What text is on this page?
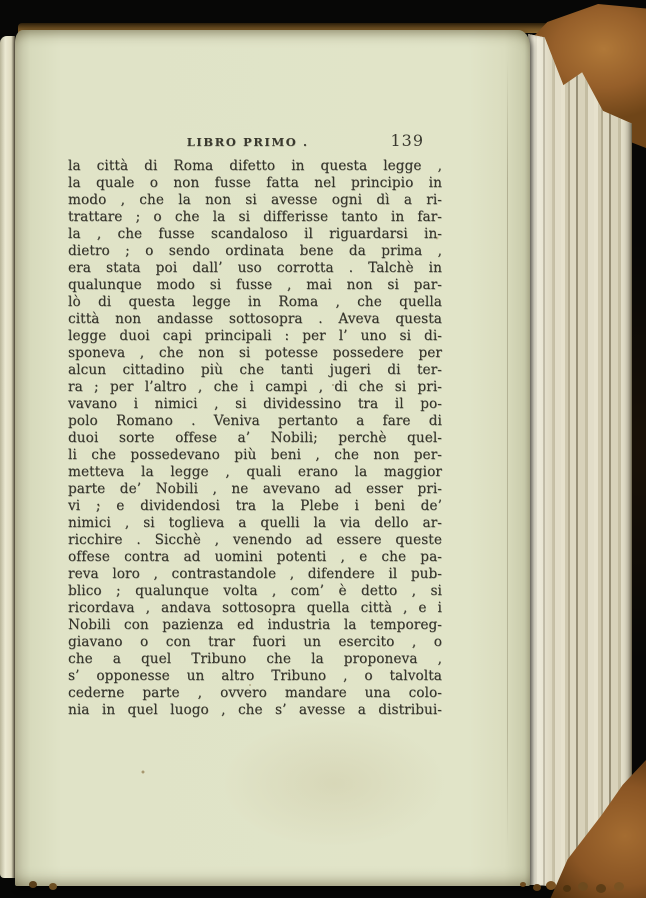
LIBRO PRIMO .	139
la città di Roma difetto in questa legge ,
la quale o non fusse fatta nel principio in
modo , che la non si avesse ogni dì a ri-
trattare ; o che la si differisse tanto in far-
la , che fusse scandaloso il riguardarsi in-
dietro ; o sendo ordinata bene da prima ,
era stata poi dall’ uso corrotta . Talchè in
qualunque modo si fusse , mai non si par-
lò di questa legge in Roma , che quella
città non andasse sottosopra . Aveva questa
legge duoi capi principali : per l’ uno si di-
sponeva , che non si potesse possedere per
alcun cittadino più che tanti jugeri di ter-
ra ; per l’altro , che i campi , di che si pri-
vavano i nimici , si dividessino tra il po-
polo Romano . Veniva pertanto a fare di
duoi sorte offese a’ Nobili; perchè quel-
li che possedevano più beni , che non per-
metteva la legge , quali erano la maggior
parte de’ Nobili , ne avevano ad esser pri-
vi ; e dividendosi tra la Plebe i beni de’
nimici , si toglieva a quelli la via dello ar-
ricchire . Sicchè , venendo ad essere queste
offese contra ad uomini potenti , e che pa-
reva loro , contrastandole , difendere il pub-
blico ; qualunque volta , com’ è detto , si
ricordava , andava sottosopra quella città , e i
Nobili con pazienza ed industria la temporeg-
giavano o con trar fuori un esercito , o
che a quel Tribuno che la proponeva ,
s’ opponesse un altro Tribuno , o talvolta
cederne parte , ovvero mandare una colo-
nia in quel luogo , che s’ avesse a distribui-
